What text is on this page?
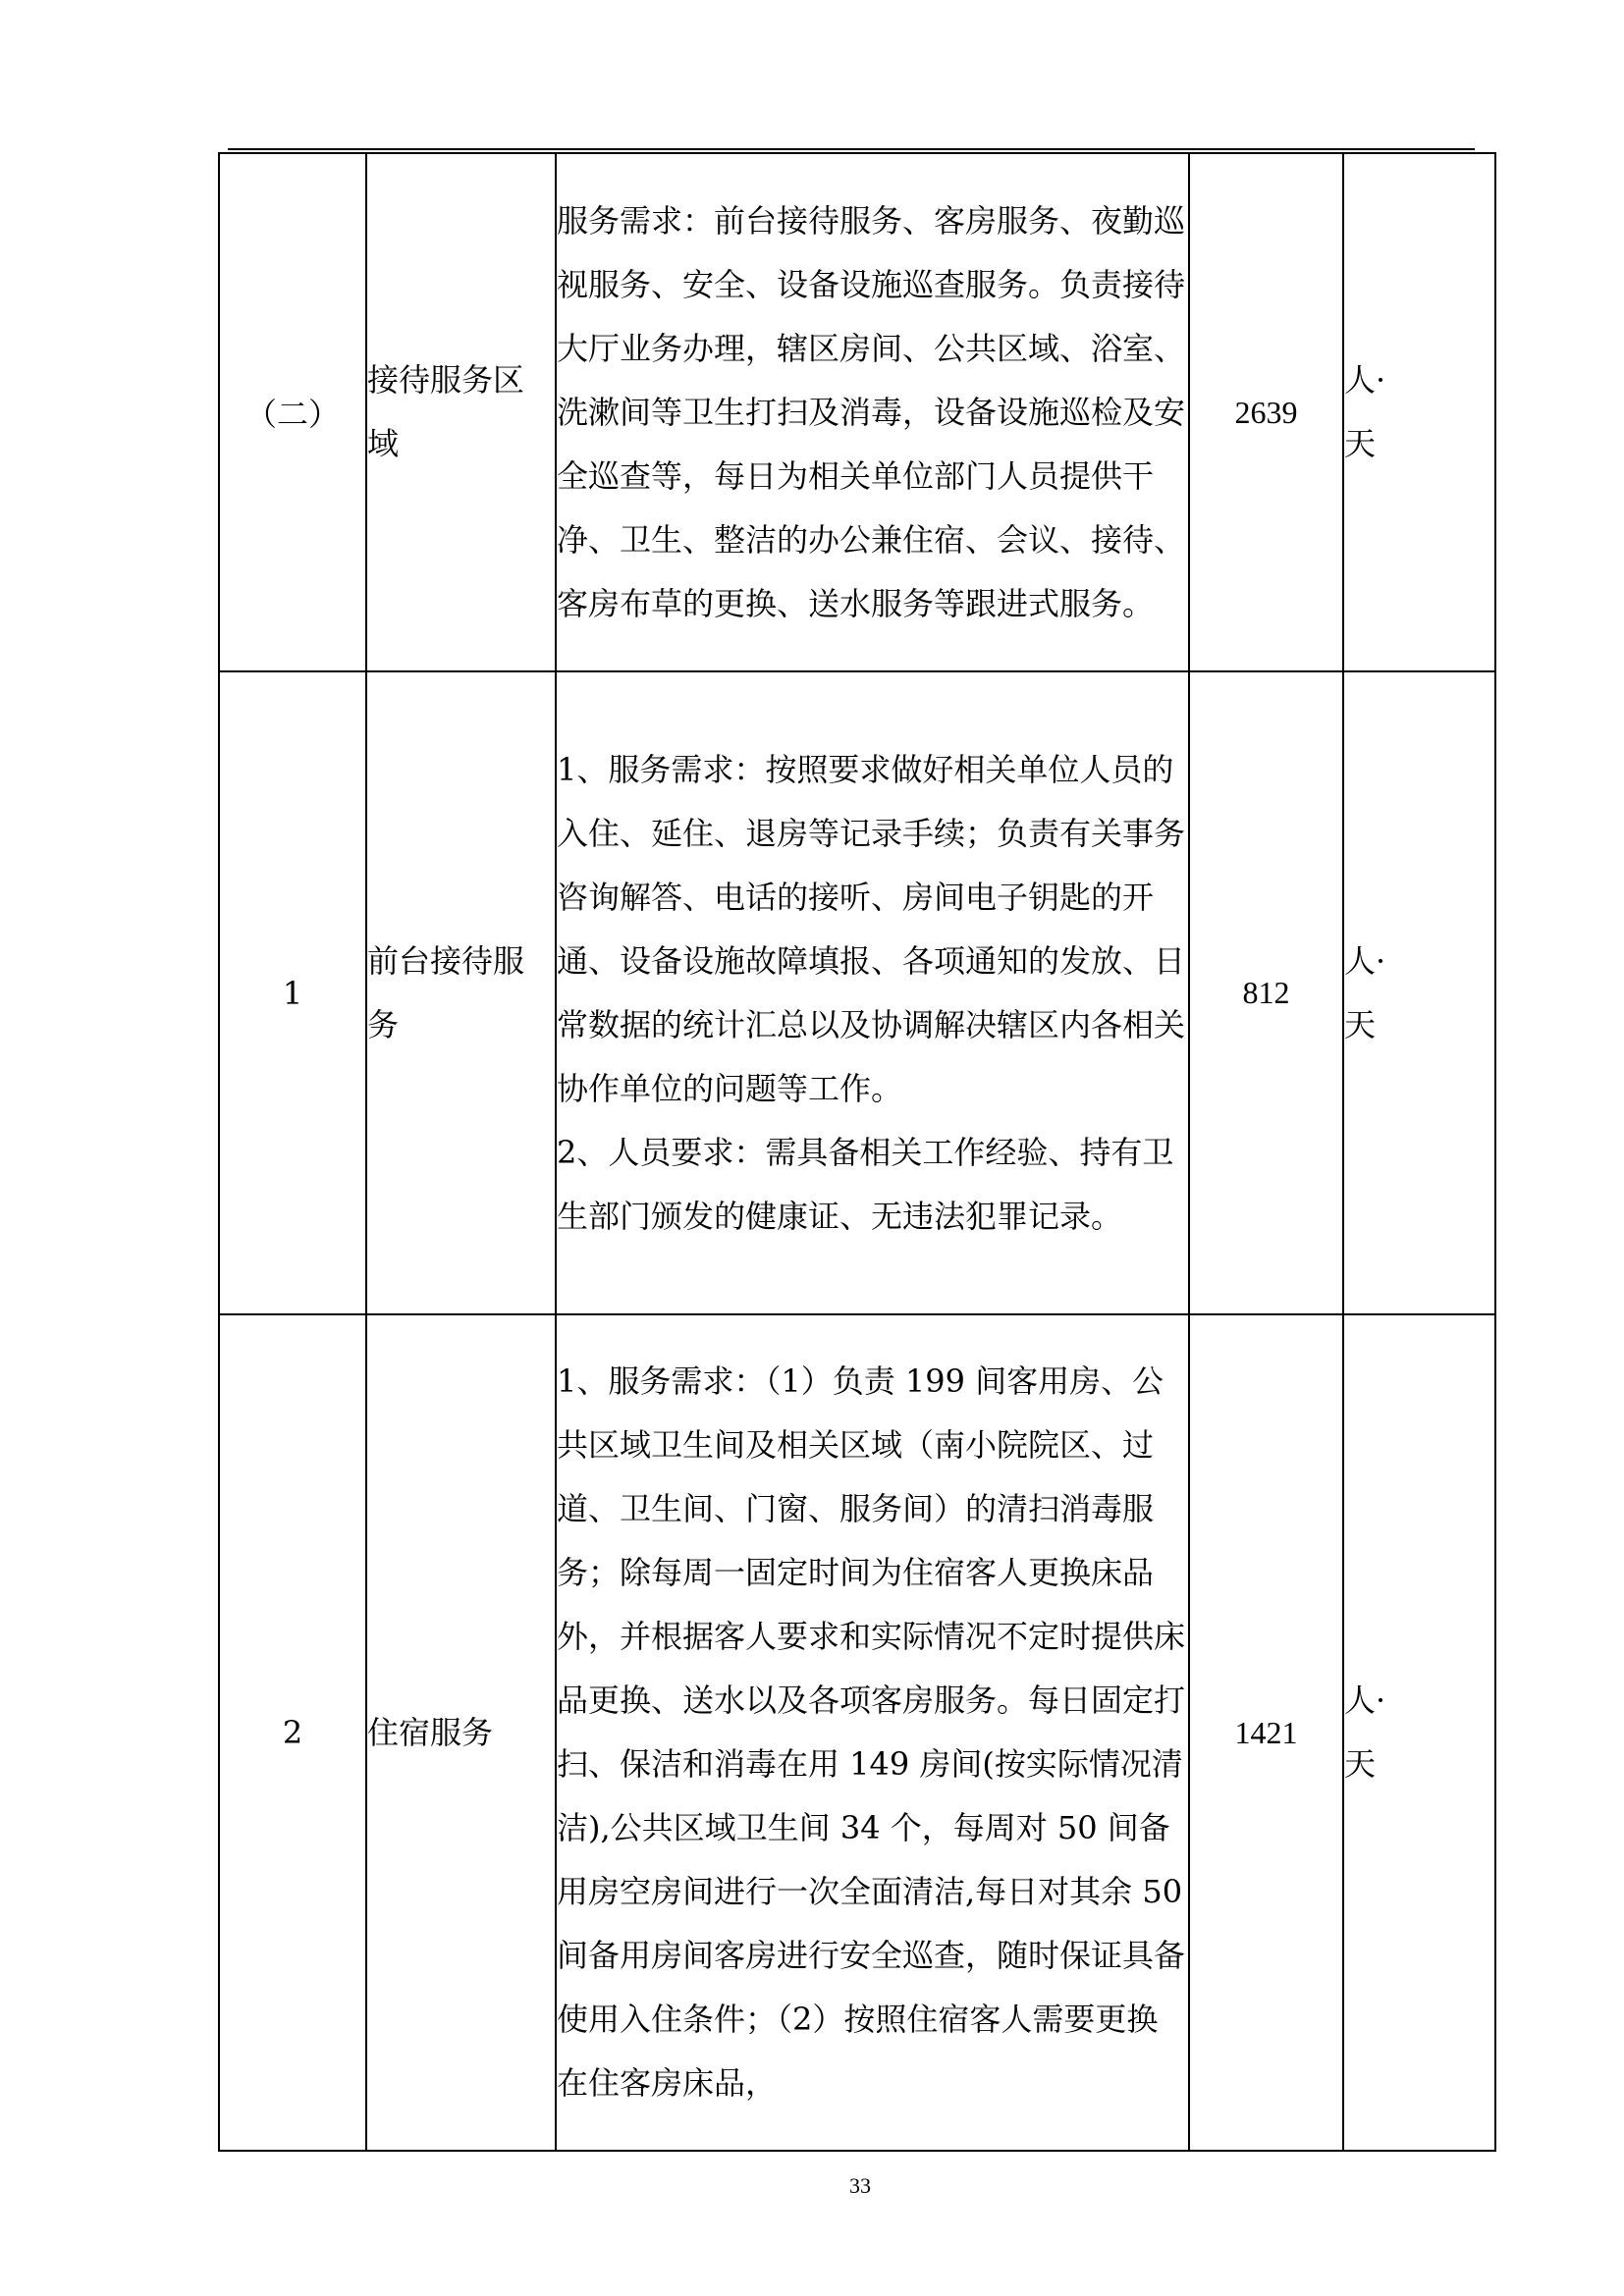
（二）	接待服务区域	服务需求：前台接待服务、客房服务、夜勤巡视服务、安全、设备设施巡查服务。负责接待大厅业务办理，辖区房间、公共区域、浴室、洗漱间等卫生打扫及消毒，设备设施巡检及安全巡查等，每日为相关单位部门人员提供干净、卫生、整洁的办公兼住宿、会议、接待、客房布草的更换、送水服务等跟进式服务。	2639	人·
天

1	前台接待服务	1、服务需求：按照要求做好相关单位人员的入住、延住、退房等记录手续；负责有关事务咨询解答、电话的接听、房间电子钥匙的开通、设备设施故障填报、各项通知的发放、日常数据的统计汇总以及协调解决辖区内各相关协作单位的问题等工作。
2、人员要求：需具备相关工作经验、持有卫生部门颁发的健康证、无违法犯罪记录。	812	人·
天

2	住宿服务	1、服务需求：（1）负责 199 间客用房、公共区域卫生间及相关区域（南小院院区、过道、卫生间、门窗、服务间）的清扫消毒服务；除每周一固定时间为住宿客人更换床品外，并根据客人要求和实际情况不定时提供床品更换、送水以及各项客房服务。每日固定打扫、保洁和消毒在用 149 房间(按实际情况清洁),公共区域卫生间 34 个，每周对 50 间备用房空房间进行一次全面清洁,每日对其余 50 间备用房间客房进行安全巡查，随时保证具备使用入住条件；（2）按照住宿客人需要更换在住客房床品，	1421	人·
天
33
